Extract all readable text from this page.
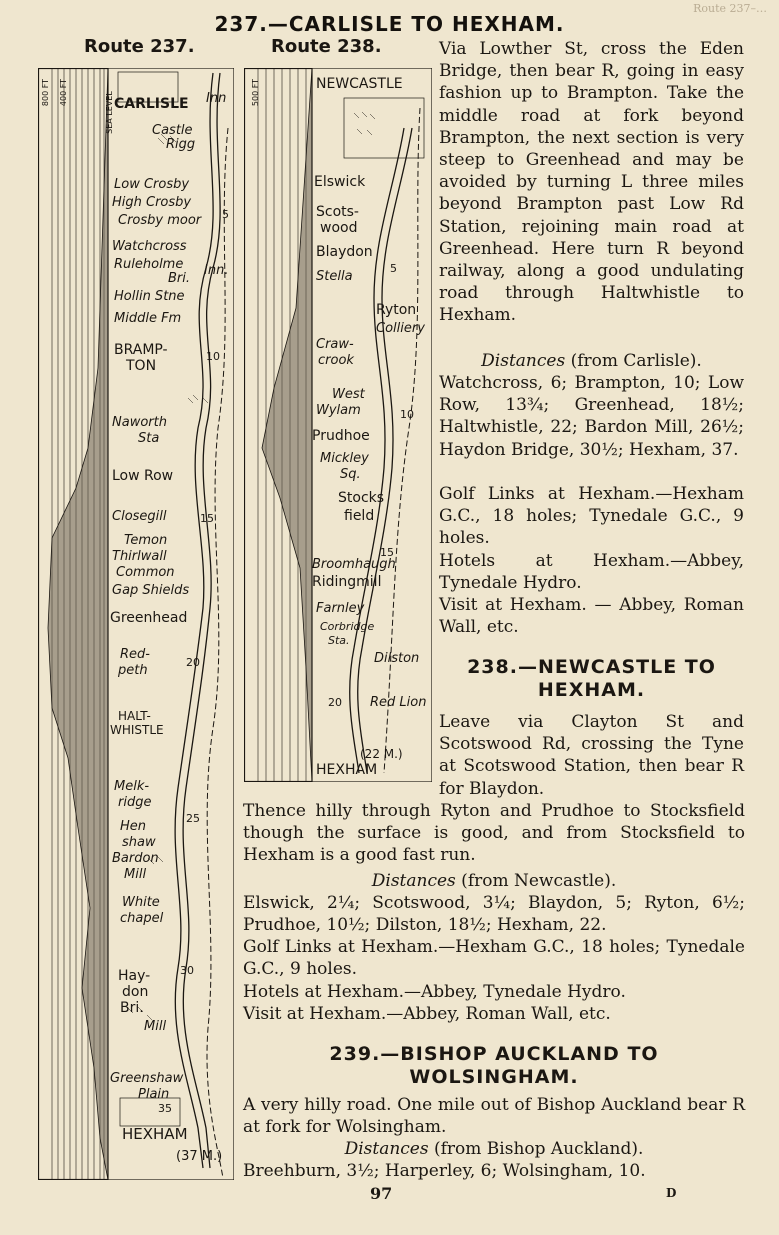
Route 237–…
237.—CARLISLE TO HEXHAM.
Route 237.	Route 238.
800 FT 400 FT	SEA LEVEL CARLISLE Inn
Castle
Rigg
Low Crosby
High Crosby
Crosby moor 5
Watchcross
Ruleholme
Bri.
Inn.
Hollin Stne
Middle Fm
BRAMP-
TON
10
Naworth
Sta
Low Row
Closegill	15
Temon
Thirlwall
Common
Gap Shields
Greenhead
Red-
peth
20
HALT-
WHISTLE
Melk-
ridge
25
Hen
shaw
Bardon
Mill
White
chapel
Hay-	30
don
Bri.
Mill
Greenshaw
Plain
35
HEXHAM
(37 M.)
500 FT	NEWCASTLE
Elswick
Scots-
wood
Blaydon
5
Stella
Ryton
Colliery
Craw-
crook
West
Wylam	10
Prudhoe
Mickley
Sq.
Stocks
field
15
Broomhaugh
Ridingmill
Farnley
Corbridge
Sta.
Dilston
20 Red Lion
(22 M.)
HEXHAM

Via Lowther St, cross the Eden Bridge, then bear R, going in easy fashion up to Brampton. Take the middle road at fork beyond Brampton, the next section is very steep to Greenhead and may be avoided by turning L three miles beyond Brampton past Low Rd Station, rejoining main road at Greenhead. Here turn R beyond railway, along a good undulating road through Haltwhistle to Hexham.

Distances (from Carlisle).

Watchcross, 6; Brampton, 10; Low Row, 13¾; Greenhead, 18½; Haltwhistle, 22; Bardon Mill, 26½; Haydon Bridge, 30½; Hexham, 37.

Golf Links at Hexham.—Hexham G.C., 18 holes; Tynedale G.C., 9 holes.

Hotels at Hexham.—Abbey, Tynedale Hydro.

Visit at Hexham. — Abbey, Roman Wall, etc.

238.—NEWCASTLE TO
HEXHAM.

Leave via Clayton St and Scotswood Rd, crossing the Tyne at Scotswood Station, then bear R for Blaydon.

Thence hilly through Ryton and Prudhoe to Stocksfield though the surface is good, and from Stocksfield to Hexham is a good fast run.

Distances (from Newcastle).

Elswick, 2¼; Scotswood, 3¼; Blaydon, 5; Ryton, 6½; Prudhoe, 10½; Dilston, 18½; Hexham, 22.

Golf Links at Hexham.—Hexham G.C., 18 holes; Tynedale G.C., 9 holes.

Hotels at Hexham.—Abbey, Tynedale Hydro.

Visit at Hexham.—Abbey, Roman Wall, etc.

239.—BISHOP AUCKLAND TO
WOLSINGHAM.

A very hilly road. One mile out of Bishop Auckland bear R at fork for Wolsingham.

Distances (from Bishop Auckland).

Breehburn, 3½; Harperley, 6; Wolsingham, 10.

97	D
